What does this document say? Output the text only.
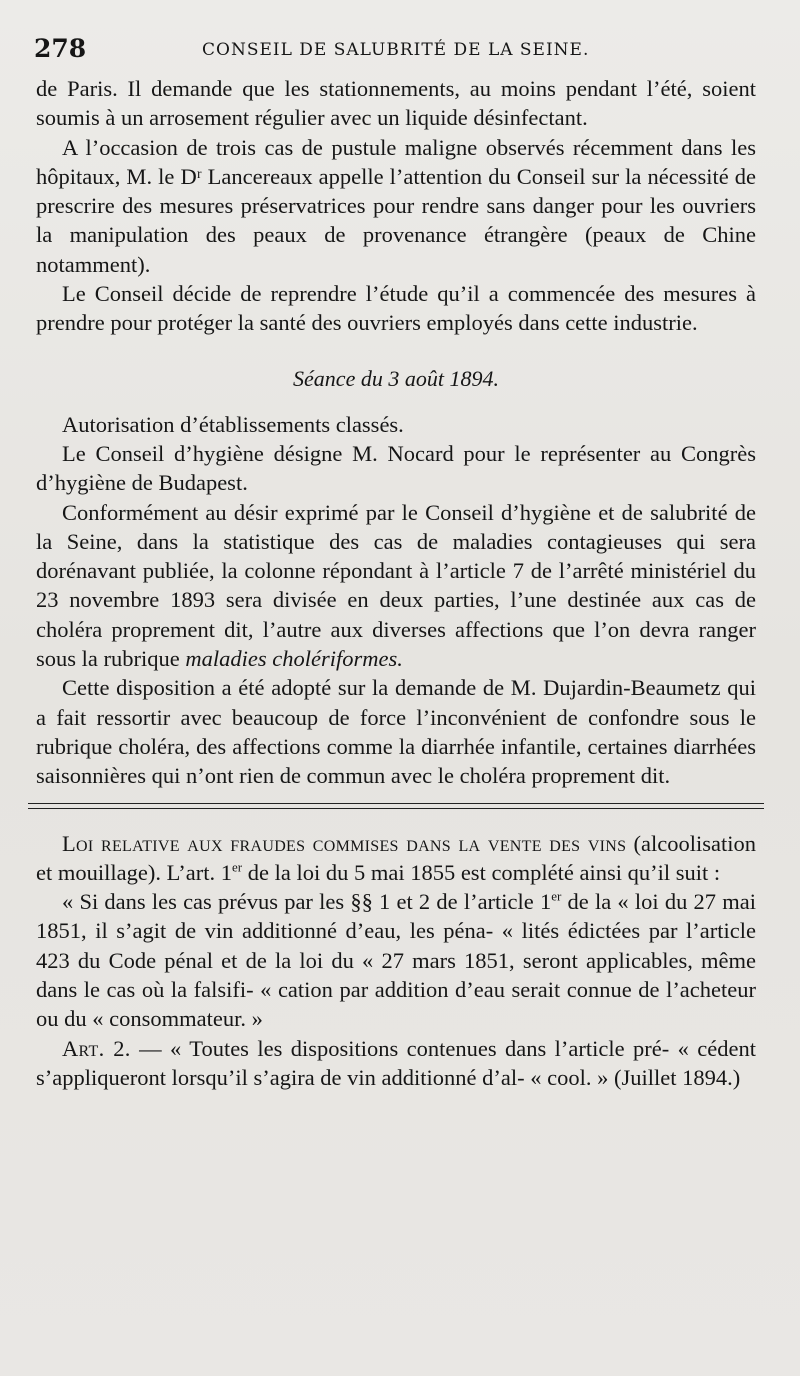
278	CONSEIL DE SALUBRITÉ DE LA SEINE.

de Paris. Il demande que les stationnements, au moins pendant l’été, soient soumis à un arrosement régulier avec un liquide désinfectant.

A l’occasion de trois cas de pustule maligne observés récemment dans les hôpitaux, M. le Dʳ Lancereaux appelle l’attention du Conseil sur la nécessité de prescrire des mesures préservatrices pour rendre sans danger pour les ouvriers la manipulation des peaux de provenance étrangère (peaux de Chine notamment).

Le Conseil décide de reprendre l’étude qu’il a commencée des mesures à prendre pour protéger la santé des ouvriers employés dans cette industrie.

Séance du 3 août 1894.

Autorisation d’établissements classés.

Le Conseil d’hygiène désigne M. Nocard pour le représenter au Congrès d’hygiène de Budapest.

Conformément au désir exprimé par le Conseil d’hygiène et de salubrité de la Seine, dans la statistique des cas de maladies contagieuses qui sera dorénavant publiée, la colonne répondant à l’article 7 de l’arrêté ministériel du 23 novembre 1893 sera divisée en deux parties, l’une destinée aux cas de choléra proprement dit, l’autre aux diverses affections que l’on devra ranger sous la rubrique maladies cholériformes.

Cette disposition a été adopté sur la demande de M. Dujardin-Beaumetz qui a fait ressortir avec beaucoup de force l’inconvénient de confondre sous le rubrique choléra, des affections comme la diarrhée infantile, certaines diarrhées saisonnières qui n’ont rien de commun avec le choléra proprement dit.

Loi relative aux fraudes commises dans la vente des vins (alcoolisation et mouillage). L’art. 1er de la loi du 5 mai 1855 est complété ainsi qu’il suit :

« Si dans les cas prévus par les §§ 1 et 2 de l’article 1er de la « loi du 27 mai 1851, il s’agit de vin additionné d’eau, les péna- « lités édictées par l’article 423 du Code pénal et de la loi du « 27 mars 1851, seront applicables, même dans le cas où la falsifi- « cation par addition d’eau serait connue de l’acheteur ou du « consommateur. »

Art. 2. — « Toutes les dispositions contenues dans l’article pré- « cédent s’appliqueront lorsqu’il s’agira de vin additionné d’al- « cool. » (Juillet 1894.)
